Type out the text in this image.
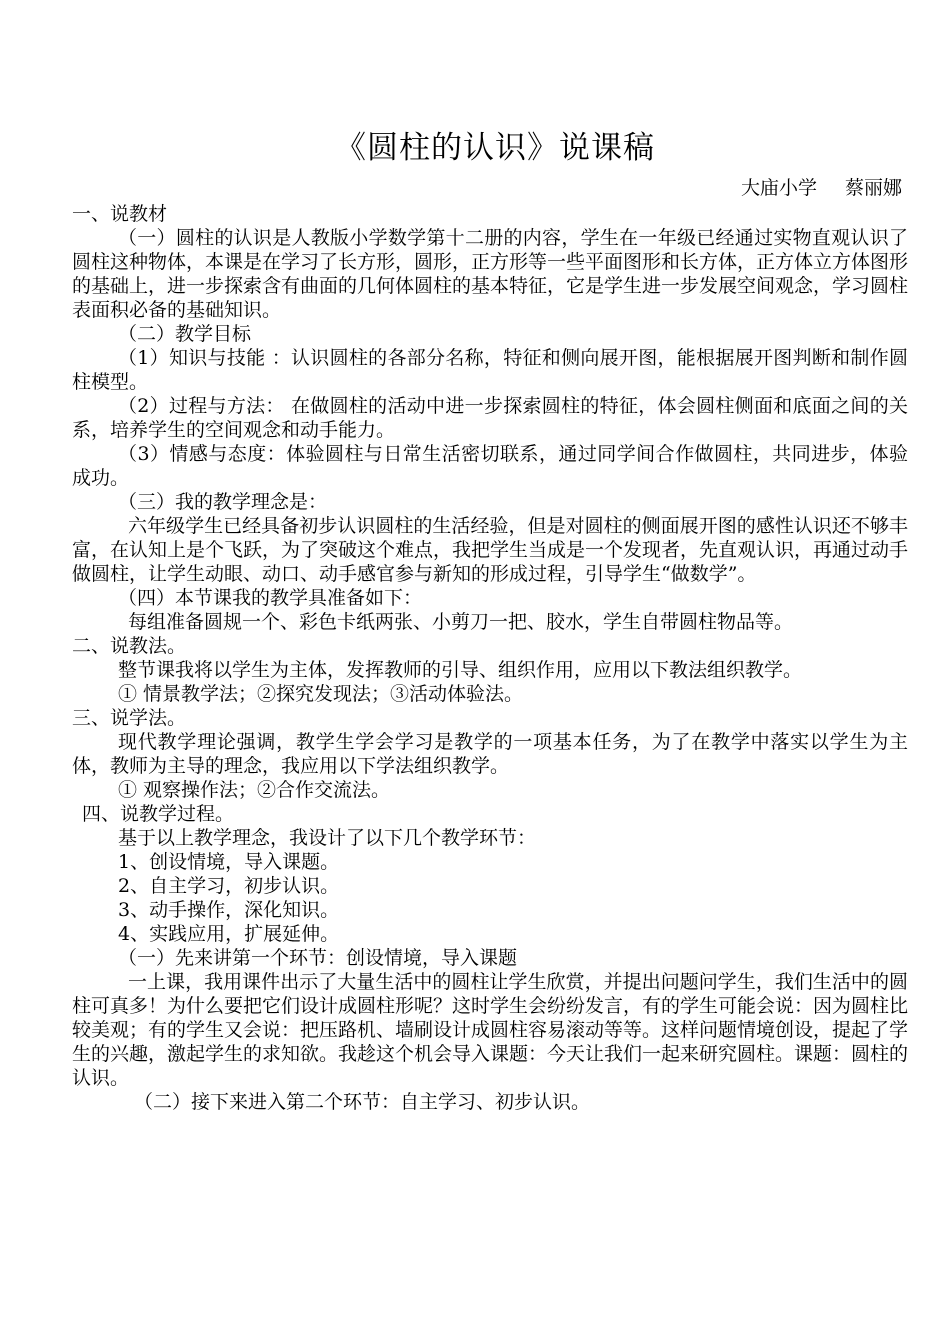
《圆柱的认识》说课稿
大庙小学 蔡丽娜

一、说教材

（一）圆柱的认识是人教版小学数学第十二册的内容，学生在一年级已经通过实物直观认识了圆柱这种物体，本课是在学习了长方形，圆形，正方形等一些平面图形和长方体，正方体立方体图形的基础上，进一步探索含有曲面的几何体圆柱的基本特征，它是学生进一步发展空间观念，学习圆柱表面积必备的基础知识。

（二）教学目标

（1）知识与技能 ：认识圆柱的各部分名称，特征和侧向展开图，能根据展开图判断和制作圆柱模型。

（2）过程与方法： 在做圆柱的活动中进一步探索圆柱的特征，体会圆柱侧面和底面之间的关系，培养学生的空间观念和动手能力。

（3）情感与态度：体验圆柱与日常生活密切联系，通过同学间合作做圆柱，共同进步，体验成功。

（三）我的教学理念是：

六年级学生已经具备初步认识圆柱的生活经验，但是对圆柱的侧面展开图的感性认识还不够丰富，在认知上是个飞跃，为了突破这个难点，我把学生当成是一个发现者，先直观认识，再通过动手做圆柱，让学生动眼、动口、动手感官参与新知的形成过程，引导学生“做数学”。

（四）本节课我的教学具准备如下：

每组准备圆规一个、彩色卡纸两张、小剪刀一把、胶水，学生自带圆柱物品等。

二、说教法。

整节课我将以学生为主体，发挥教师的引导、组织作用，应用以下教法组织教学。

① 情景教学法；②探究发现法；③活动体验法。

三、说学法。

现代教学理论强调，教学生学会学习是教学的一项基本任务，为了在教学中落实以学生为主体，教师为主导的理念，我应用以下学法组织教学。

① 观察操作法；②合作交流法。

四、说教学过程。

基于以上教学理念，我设计了以下几个教学环节：

1、创设情境，导入课题。

2、自主学习，初步认识。

3、动手操作，深化知识。

4、实践应用，扩展延伸。

（一）先来讲第一个环节：创设情境，导入课题

一上课，我用课件出示了大量生活中的圆柱让学生欣赏，并提出问题问学生，我们生活中的圆柱可真多！为什么要把它们设计成圆柱形呢？这时学生会纷纷发言，有的学生可能会说：因为圆柱比较美观；有的学生又会说：把压路机、墙刷设计成圆柱容易滚动等等。这样问题情境创设，提起了学生的兴趣，激起学生的求知欲。我趁这个机会导入课题：今天让我们一起来研究圆柱。课题：圆柱的认识。

（二）接下来进入第二个环节：自主学习、初步认识。
